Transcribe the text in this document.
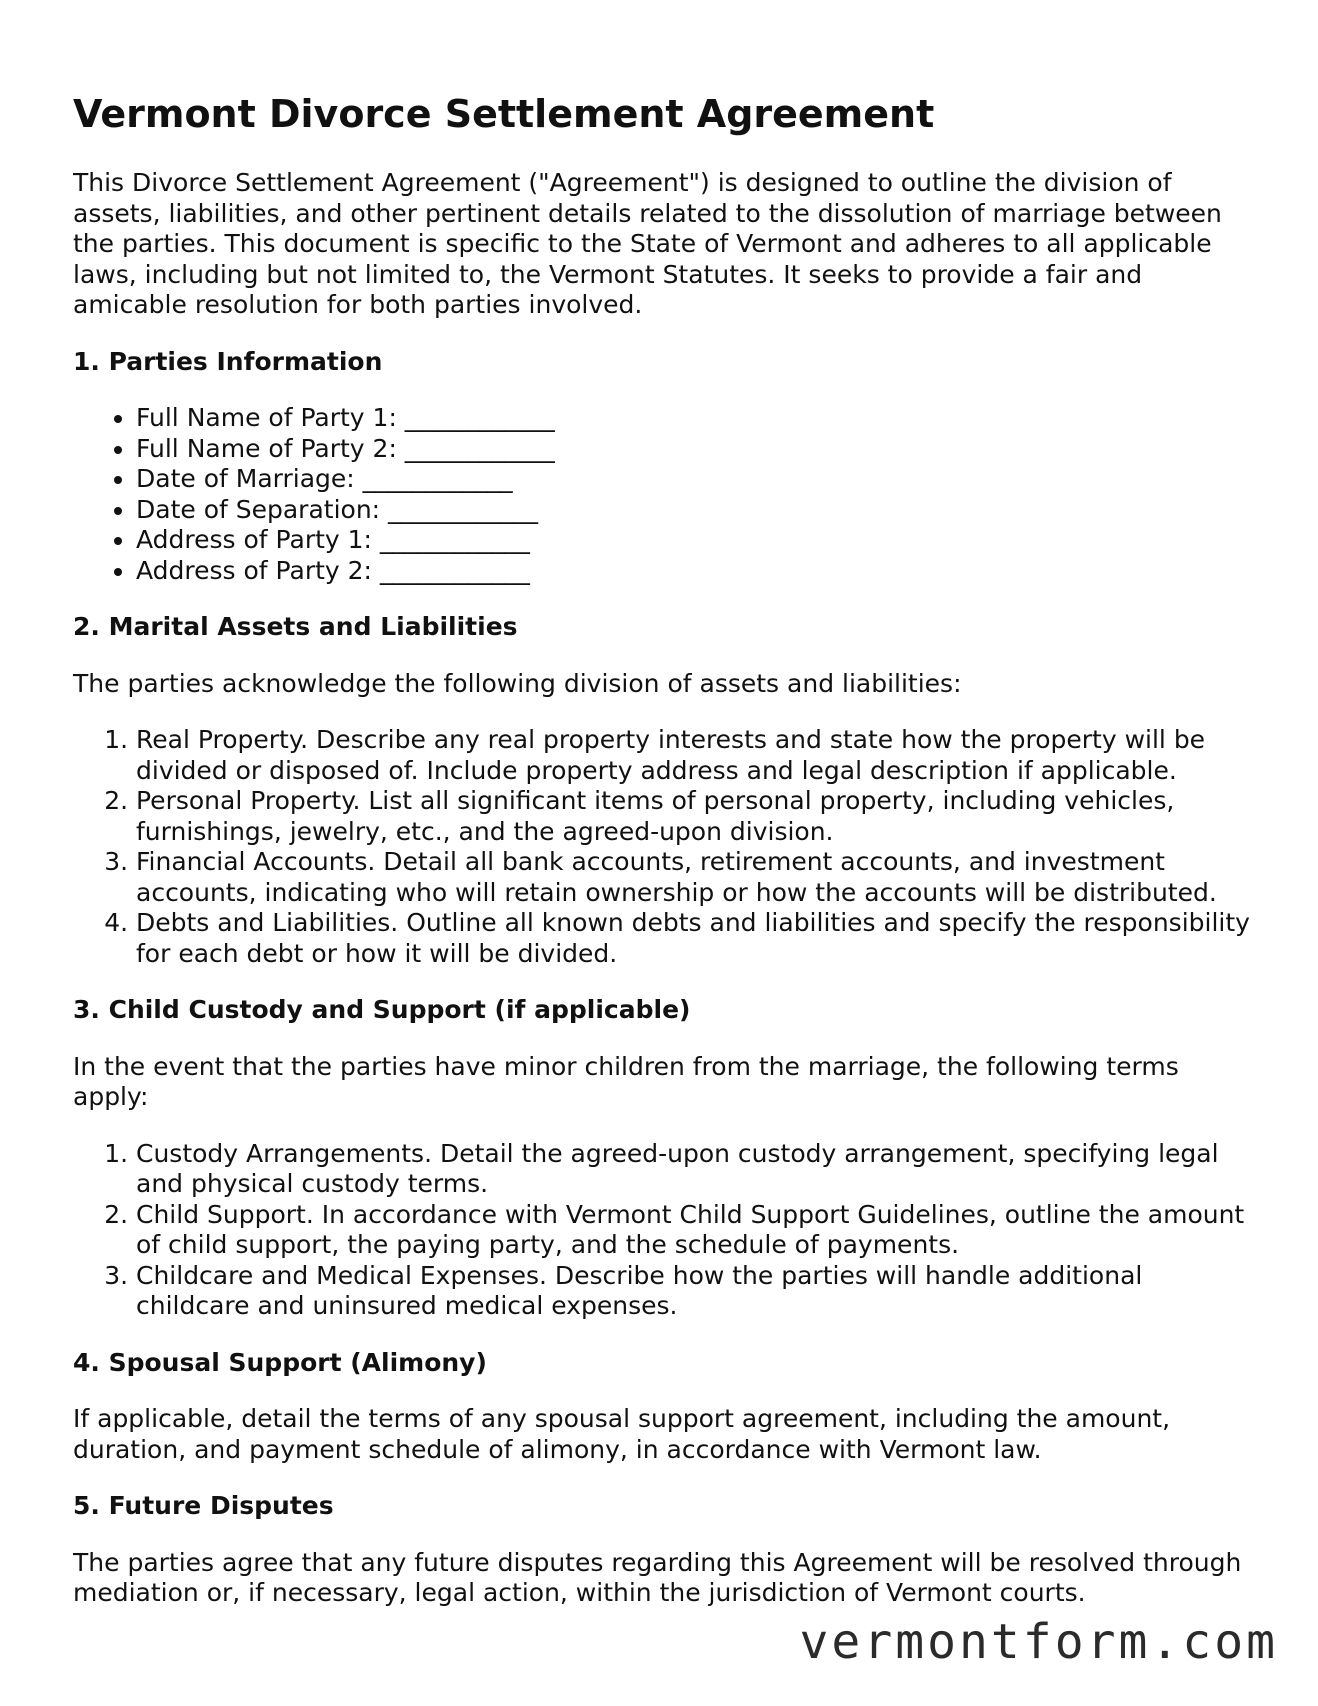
Vermont Divorce Settlement Agreement

This Divorce Settlement Agreement ("Agreement") is designed to outline the division of assets, liabilities, and other pertinent details related to the dissolution of marriage between the parties. This document is specific to the State of Vermont and adheres to all applicable laws, including but not limited to, the Vermont Statutes. It seeks to provide a fair and amicable resolution for both parties involved.

1. Parties Information
• Full Name of Party 1: ____________
• Full Name of Party 2: ____________
• Date of Marriage: ____________
• Date of Separation: ____________
• Address of Party 1: ____________
• Address of Party 2: ____________
2. Marital Assets and Liabilities

The parties acknowledge the following division of assets and liabilities:

1. Real Property. Describe any real property interests and state how the property will be divided or disposed of. Include property address and legal description if applicable.
2. Personal Property. List all significant items of personal property, including vehicles, furnishings, jewelry, etc., and the agreed-upon division.
3. Financial Accounts. Detail all bank accounts, retirement accounts, and investment accounts, indicating who will retain ownership or how the accounts will be distributed.
4. Debts and Liabilities. Outline all known debts and liabilities and specify the responsibility for each debt or how it will be divided.
3. Child Custody and Support (if applicable)

In the event that the parties have minor children from the marriage, the following terms apply:

1. Custody Arrangements. Detail the agreed-upon custody arrangement, specifying legal and physical custody terms.
2. Child Support. In accordance with Vermont Child Support Guidelines, outline the amount of child support, the paying party, and the schedule of payments.
3. Childcare and Medical Expenses. Describe how the parties will handle additional childcare and uninsured medical expenses.
4. Spousal Support (Alimony)

If applicable, detail the terms of any spousal support agreement, including the amount, duration, and payment schedule of alimony, in accordance with Vermont law.

5. Future Disputes

The parties agree that any future disputes regarding this Agreement will be resolved through mediation or, if necessary, legal action, within the jurisdiction of Vermont courts.

vermontform.com
